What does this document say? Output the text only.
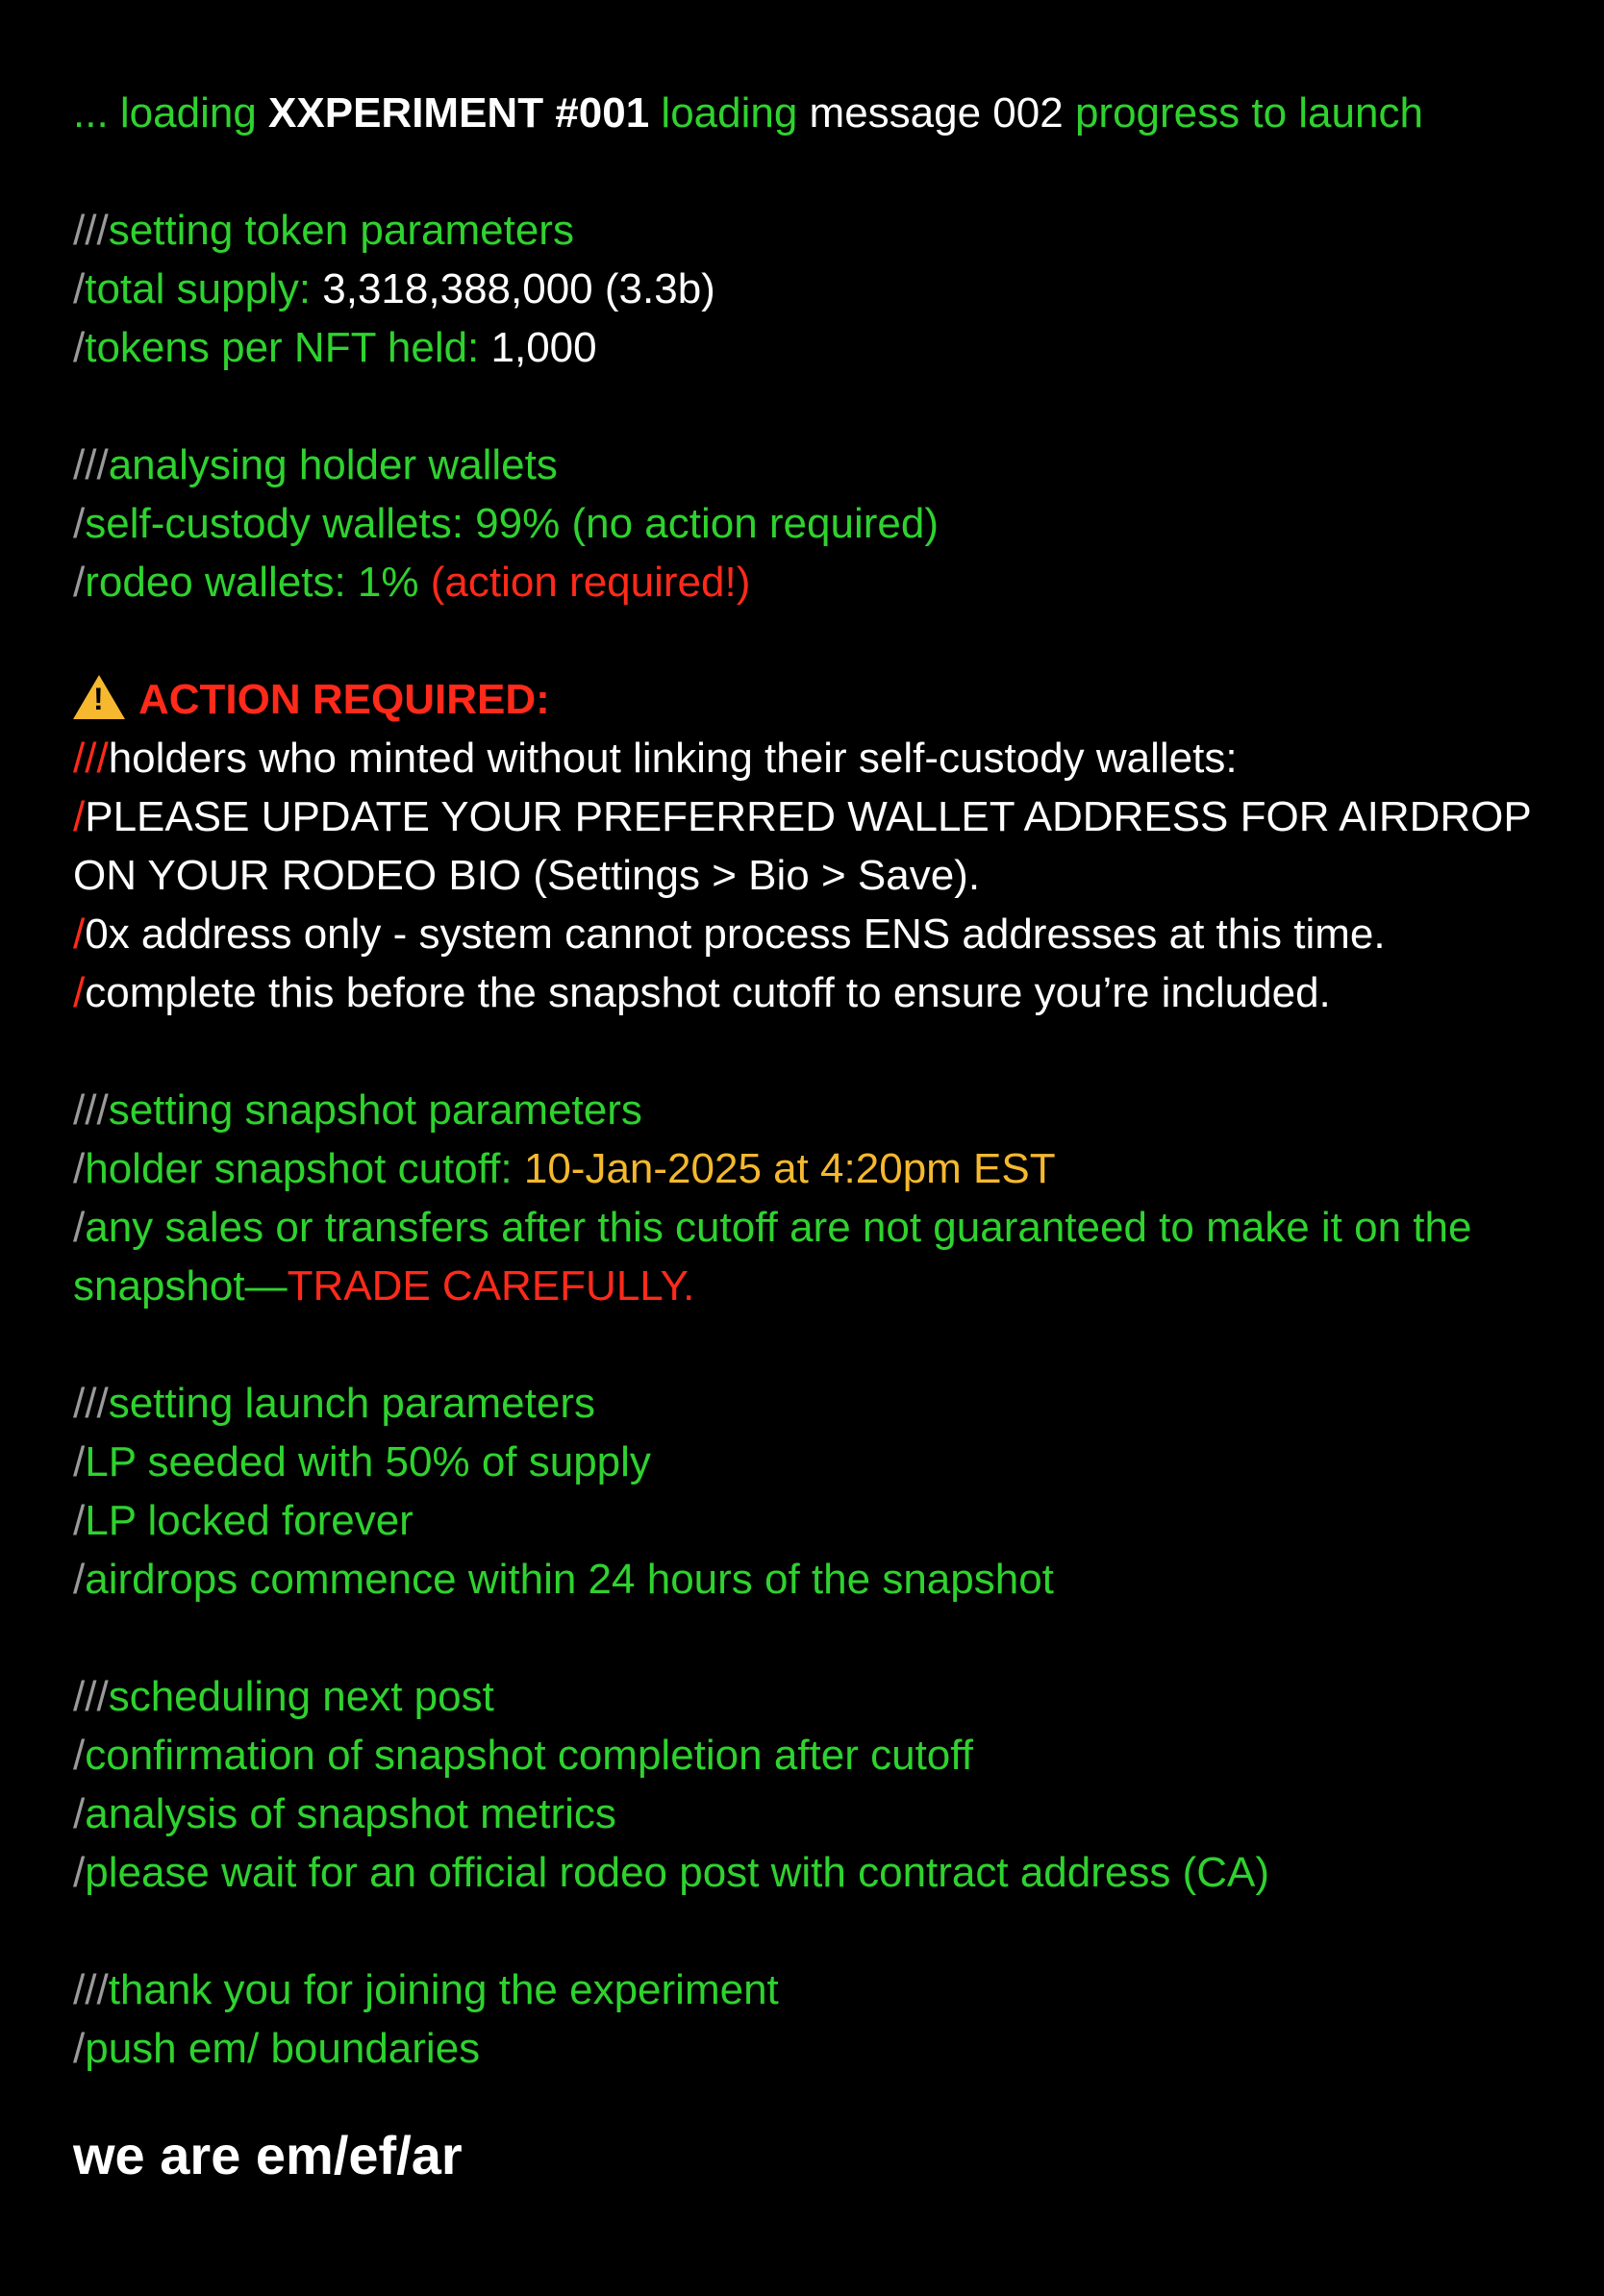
... loading XXPERIMENT #001 loading message 002 progress to launch
///setting token parameters
/total supply: 3,318,388,000 (3.3b)
/tokens per NFT held: 1,000
///analysing holder wallets
/self-custody wallets: 99% (no action required)
/rodeo wallets: 1% (action required!)
!ACTION REQUIRED:
///holders who minted without linking their self-custody wallets:
/PLEASE UPDATE YOUR PREFERRED WALLET ADDRESS FOR AIRDROP ON YOUR RODEO BIO (Settings > Bio > Save).
/0x address only - system cannot process ENS addresses at this time.
/complete this before the snapshot cutoff to ensure you’re included.
///setting snapshot parameters
/holder snapshot cutoff: 10-Jan-2025 at 4:20pm EST
/any sales or transfers after this cutoff are not guaranteed to make it on the snapshot—TRADE CAREFULLY.
///setting launch parameters
/LP seeded with 50% of supply
/LP locked forever
/airdrops commence within 24 hours of the snapshot
///scheduling next post
/confirmation of snapshot completion after cutoff
/analysis of snapshot metrics
/please wait for an official rodeo post with contract address (CA)
///thank you for joining the experiment
/push em/ boundaries
we are em/ef/ar
